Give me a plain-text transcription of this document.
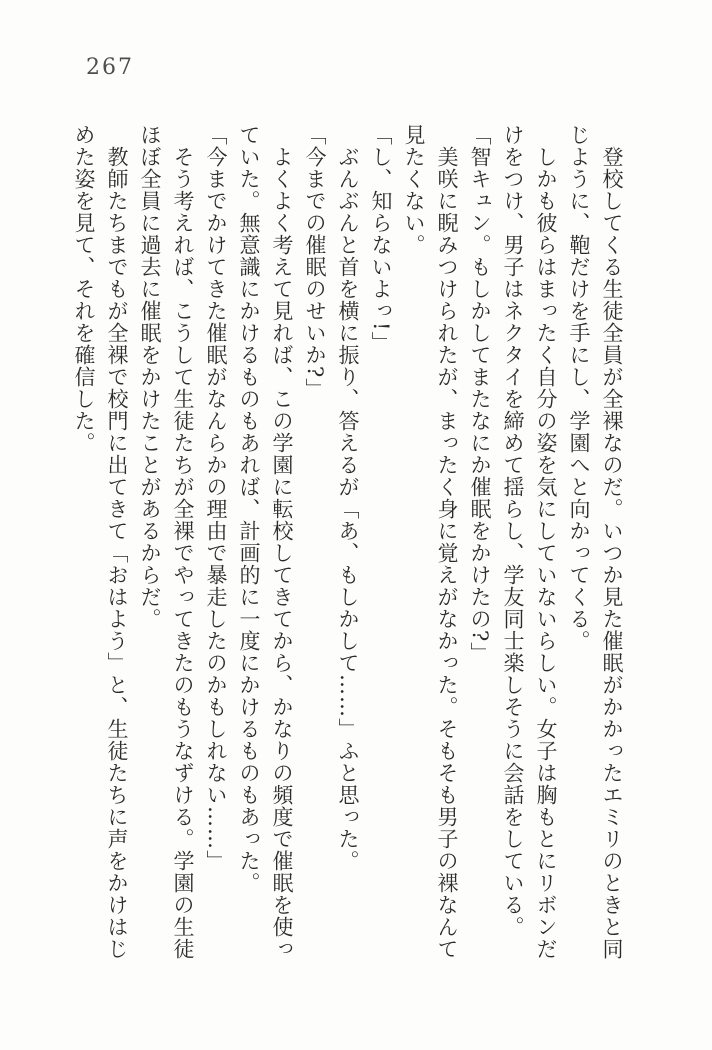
267
登校してくる生徒全員が全裸なのだ。いつか見た催眠がかかったエミリのときと同
じように、鞄だけを手にし、学園へと向かってくる。
しかも彼らはまったく自分の姿を気にしていないらしい。女子は胸もとにリボンだ
けをつけ、男子はネクタイを締めて揺らし、学友同士楽しそうに会話をしている。
「智キュン。もしかしてまたなにか催眠をかけたの?」
美咲に睨みつけられたが、まったく身に覚えがなかった。そもそも男子の裸なんて
見たくない。
「し、知らないよっ!」
ぶんぶんと首を横に振り、答えるが「あ、もしかして……」ふと思った。
「今までの催眠のせいか?」
よくよく考えて見れば、この学園に転校してきてから、かなりの頻度で催眠を使っ
ていた。無意識にかけるものもあれば、計画的に一度にかけるものもあった。
「今までかけてきた催眠がなんらかの理由で暴走したのかもしれない……」
そう考えれば、こうして生徒たちが全裸でやってきたのもうなずける。学園の生徒
ほぼ全員に過去に催眠をかけたことがあるからだ。
教師たちまでもが全裸で校門に出てきて「おはよう」と、生徒たちに声をかけはじ
めた姿を見て、それを確信した。
